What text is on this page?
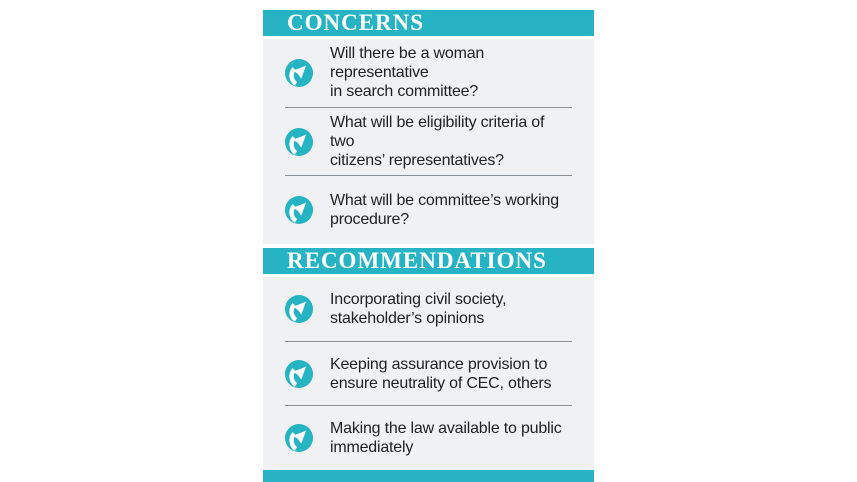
CONCERNS
Will there be a woman representative
in search committee?
What will be eligibility criteria of two
citizens’ representatives?
What will be committee’s working
procedure?
RECOMMENDATIONS
Incorporating civil society,
stakeholder’s opinions
Keeping assurance provision to
ensure neutrality of CEC, others
Making the law available to public
immediately
